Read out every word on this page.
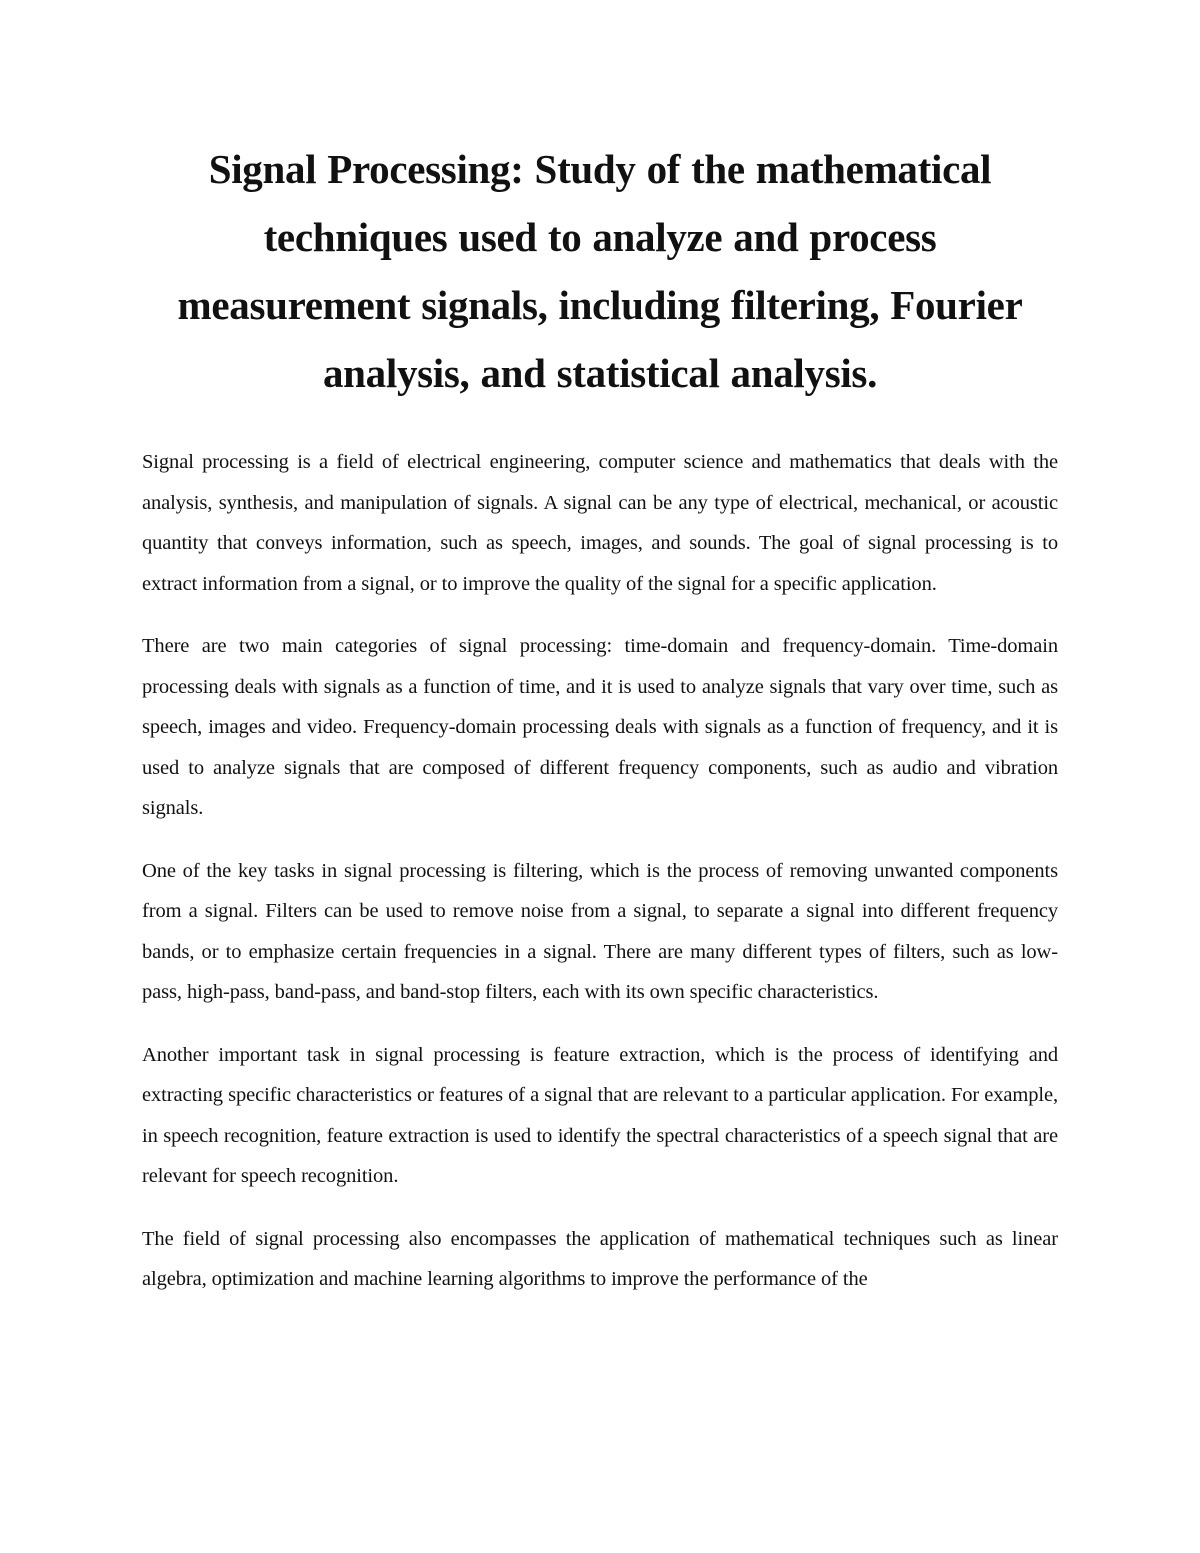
Signal Processing: Study of the mathematical techniques used to analyze and process measurement signals, including filtering, Fourier analysis, and statistical analysis.

Signal processing is a field of electrical engineering, computer science and mathematics that deals with the analysis, synthesis, and manipulation of signals. A signal can be any type of electrical, mechanical, or acoustic quantity that conveys information, such as speech, images, and sounds. The goal of signal processing is to extract information from a signal, or to improve the quality of the signal for a specific application.

There are two main categories of signal processing: time-domain and frequency-domain. Time-domain processing deals with signals as a function of time, and it is used to analyze signals that vary over time, such as speech, images and video. Frequency-domain processing deals with signals as a function of frequency, and it is used to analyze signals that are composed of different frequency components, such as audio and vibration signals.

One of the key tasks in signal processing is filtering, which is the process of removing unwanted components from a signal. Filters can be used to remove noise from a signal, to separate a signal into different frequency bands, or to emphasize certain frequencies in a signal. There are many different types of filters, such as low-pass, high-pass, band-pass, and band-stop filters, each with its own specific characteristics.

Another important task in signal processing is feature extraction, which is the process of identifying and extracting specific characteristics or features of a signal that are relevant to a particular application. For example, in speech recognition, feature extraction is used to identify the spectral characteristics of a speech signal that are relevant for speech recognition.

The field of signal processing also encompasses the application of mathematical techniques such as linear algebra, optimization and machine learning algorithms to improve the performance of the
